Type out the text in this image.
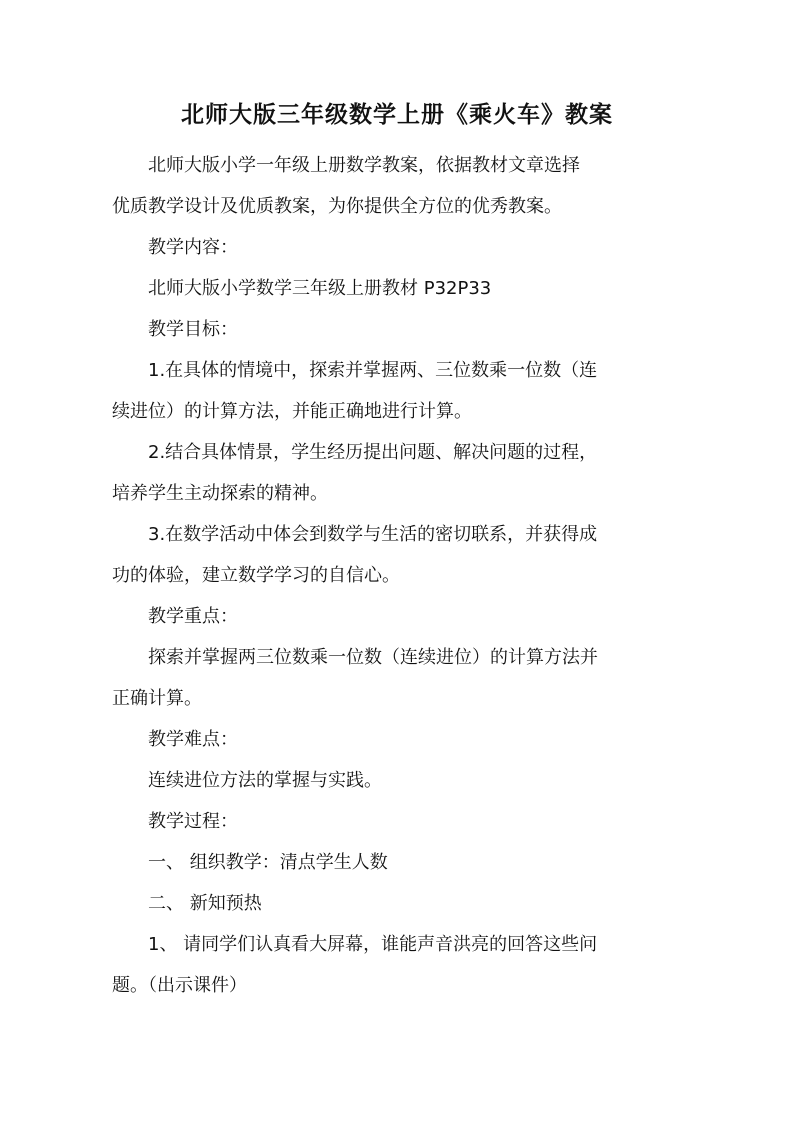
北师大版三年级数学上册《乘火车》教案
北师大版小学一年级上册数学教案，依据教材文章选择
优质教学设计及优质教案，为你提供全方位的优秀教案。
教学内容：
北师大版小学数学三年级上册教材 P32P33
教学目标：
1.在具体的情境中，探索并掌握两、三位数乘一位数（连
续进位）的计算方法，并能正确地进行计算。
2.结合具体情景，学生经历提出问题、解决问题的过程，
培养学生主动探索的精神。
3.在数学活动中体会到数学与生活的密切联系，并获得成
功的体验，建立数学学习的自信心。
教学重点：
探索并掌握两三位数乘一位数（连续进位）的计算方法并
正确计算。
教学难点：
连续进位方法的掌握与实践。
教学过程：
一、 组织教学：清点学生人数
二、 新知预热
1、 请同学们认真看大屏幕，谁能声音洪亮的回答这些问
题。（出示课件）
